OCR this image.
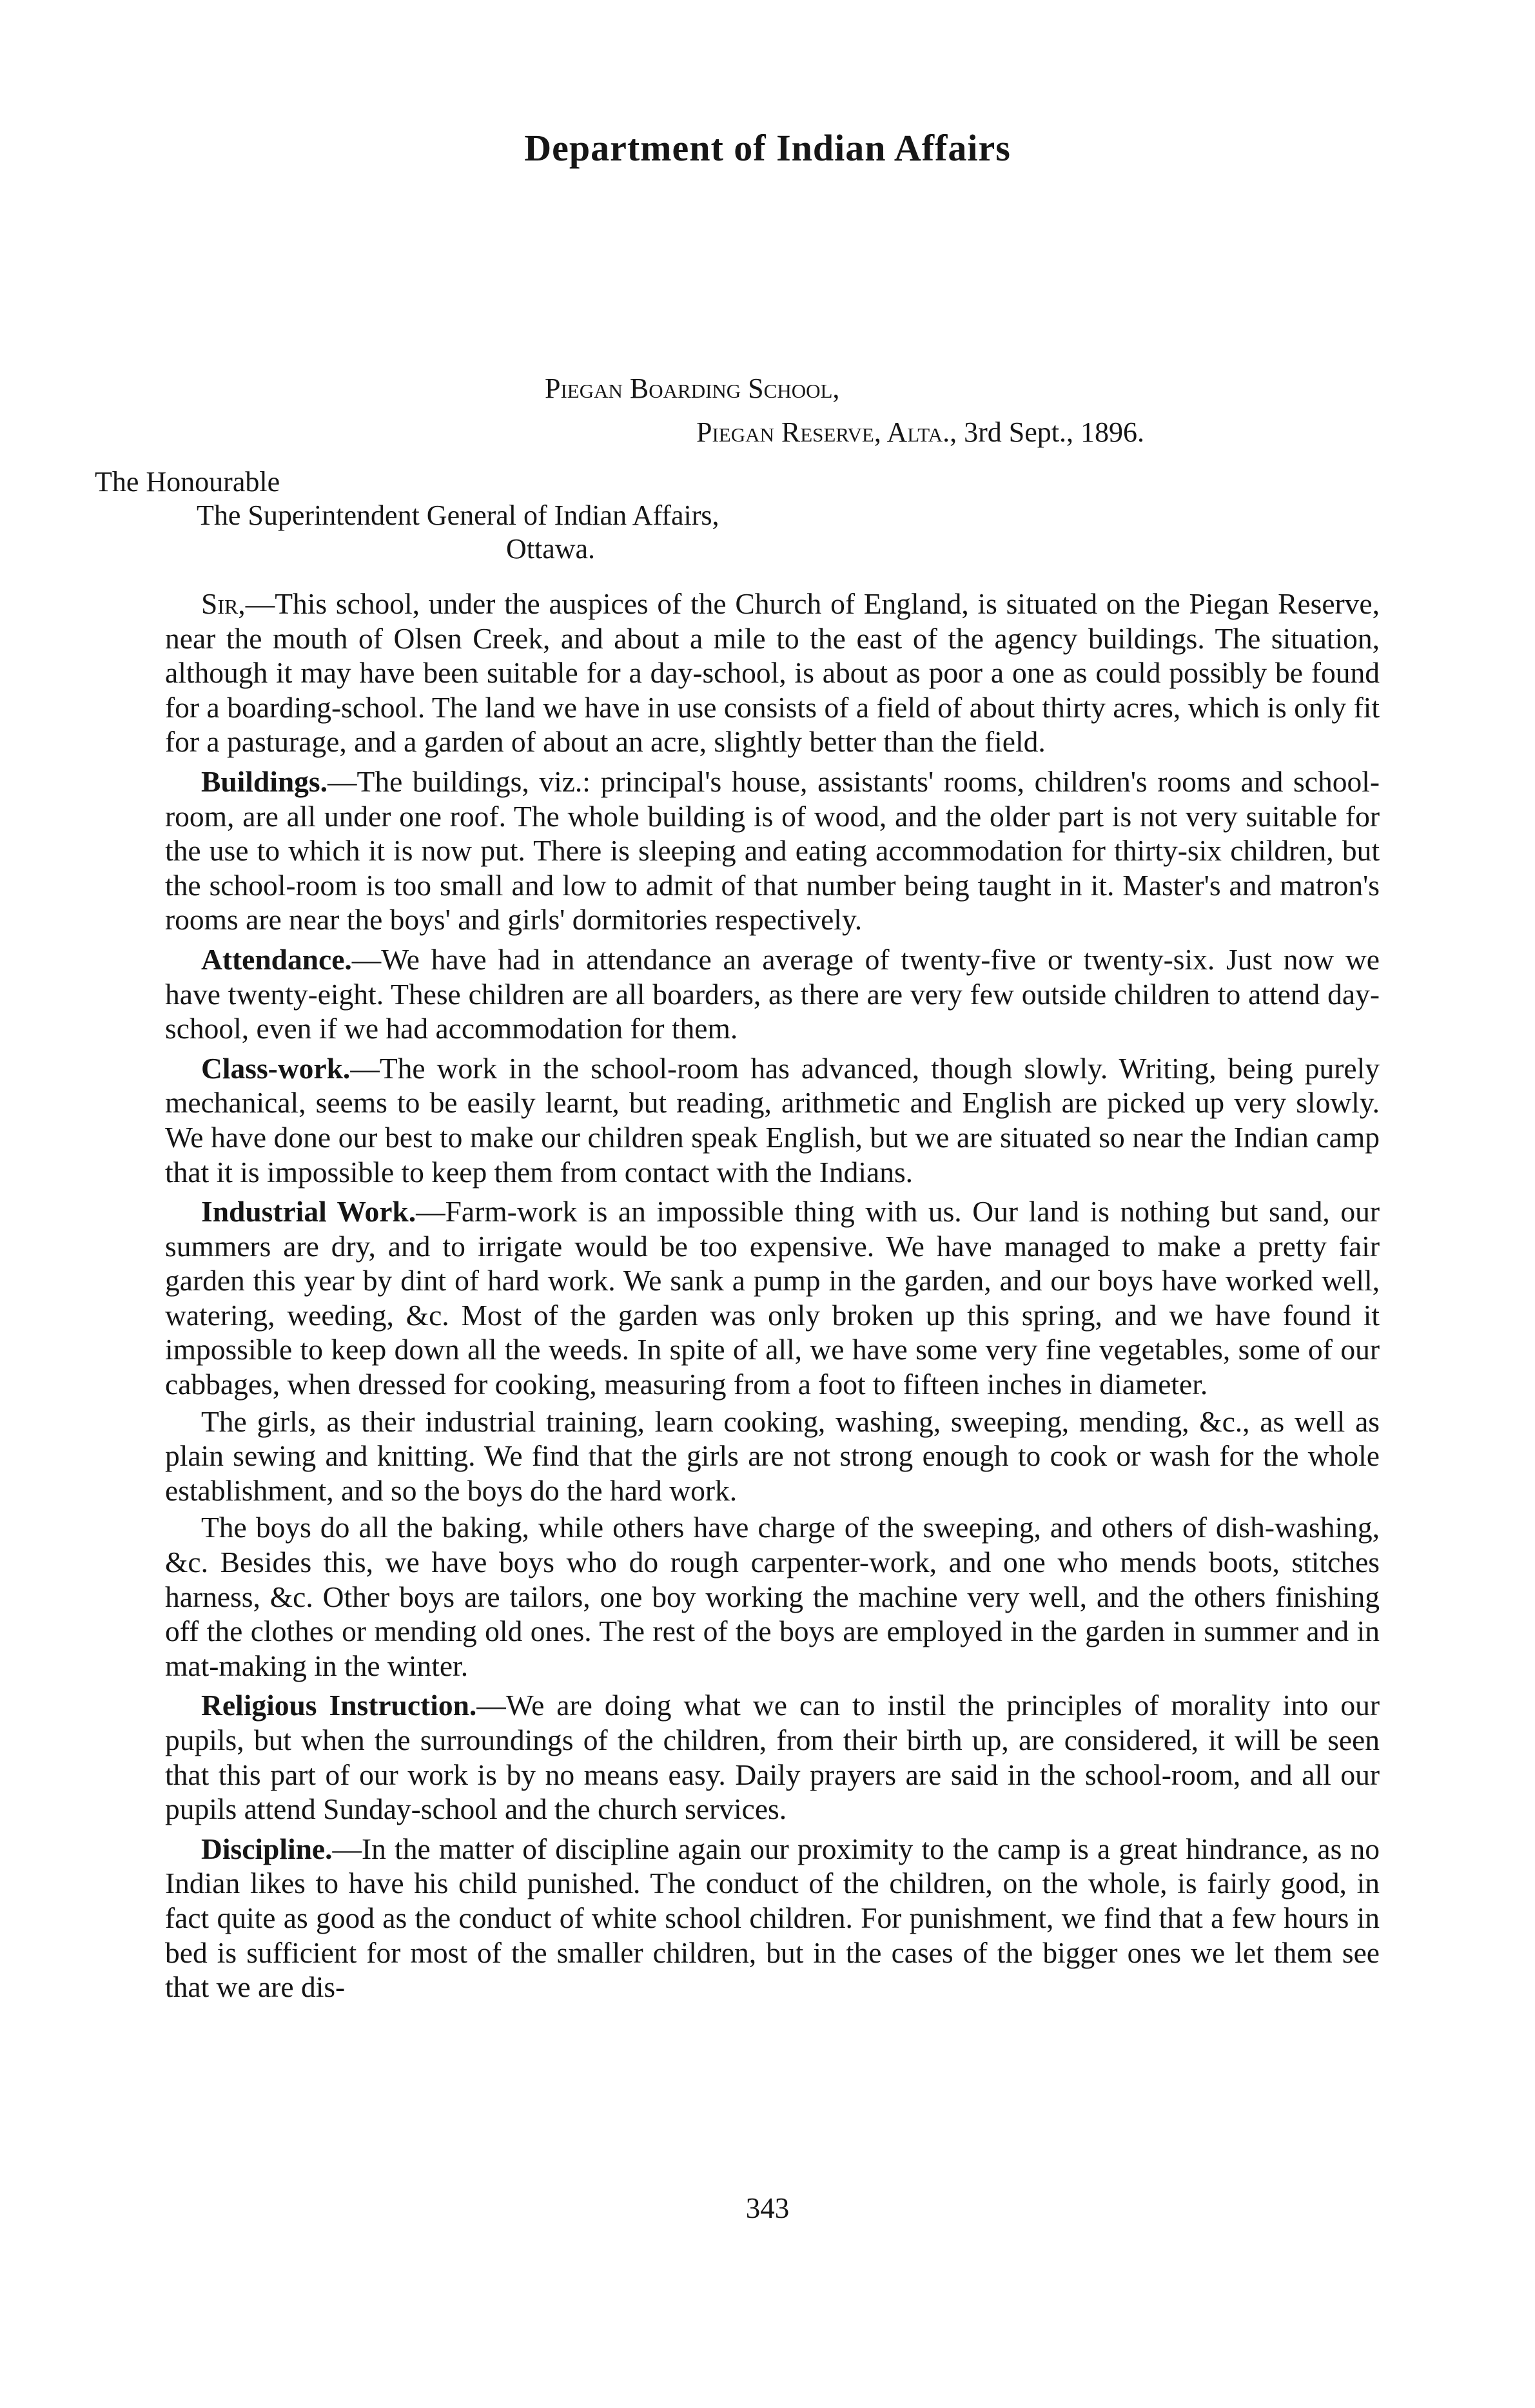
Department of Indian Affairs
Piegan Boarding School,
Piegan Reserve, Alta., 3rd Sept., 1896.
The Honourable
The Superintendent General of Indian Affairs,
Ottawa.

Sir,—This school, under the auspices of the Church of England, is situated on the Piegan Reserve, near the mouth of Olsen Creek, and about a mile to the east of the agency buildings. The situation, although it may have been suitable for a day-school, is about as poor a one as could possibly be found for a boarding-school. The land we have in use consists of a field of about thirty acres, which is only fit for a pasturage, and a garden of about an acre, slightly better than the field.

Buildings.—The buildings, viz.: principal's house, assistants' rooms, children's rooms and school-room, are all under one roof. The whole building is of wood, and the older part is not very suitable for the use to which it is now put. There is sleeping and eating accommodation for thirty-six children, but the school-room is too small and low to admit of that number being taught in it. Master's and matron's rooms are near the boys' and girls' dormitories respectively.

Attendance.—We have had in attendance an average of twenty-five or twenty-six. Just now we have twenty-eight. These children are all boarders, as there are very few outside children to attend day-school, even if we had accommodation for them.

Class-work.—The work in the school-room has advanced, though slowly. Writing, being purely mechanical, seems to be easily learnt, but reading, arithmetic and English are picked up very slowly. We have done our best to make our children speak English, but we are situated so near the Indian camp that it is impossible to keep them from contact with the Indians.

Industrial Work.—Farm-work is an impossible thing with us. Our land is nothing but sand, our summers are dry, and to irrigate would be too expensive. We have managed to make a pretty fair garden this year by dint of hard work. We sank a pump in the garden, and our boys have worked well, watering, weeding, &c. Most of the garden was only broken up this spring, and we have found it impossible to keep down all the weeds. In spite of all, we have some very fine vegetables, some of our cabbages, when dressed for cooking, measuring from a foot to fifteen inches in diameter.

The girls, as their industrial training, learn cooking, washing, sweeping, mending, &c., as well as plain sewing and knitting. We find that the girls are not strong enough to cook or wash for the whole establishment, and so the boys do the hard work.

The boys do all the baking, while others have charge of the sweeping, and others of dish-washing, &c. Besides this, we have boys who do rough carpenter-work, and one who mends boots, stitches harness, &c. Other boys are tailors, one boy working the machine very well, and the others finishing off the clothes or mending old ones. The rest of the boys are employed in the garden in summer and in mat-making in the winter.

Religious Instruction.—We are doing what we can to instil the principles of morality into our pupils, but when the surroundings of the children, from their birth up, are considered, it will be seen that this part of our work is by no means easy. Daily prayers are said in the school-room, and all our pupils attend Sunday-school and the church services.

Discipline.—In the matter of discipline again our proximity to the camp is a great hindrance, as no Indian likes to have his child punished. The conduct of the children, on the whole, is fairly good, in fact quite as good as the conduct of white school children. For punishment, we find that a few hours in bed is sufficient for most of the smaller children, but in the cases of the bigger ones we let them see that we are dis-

343
